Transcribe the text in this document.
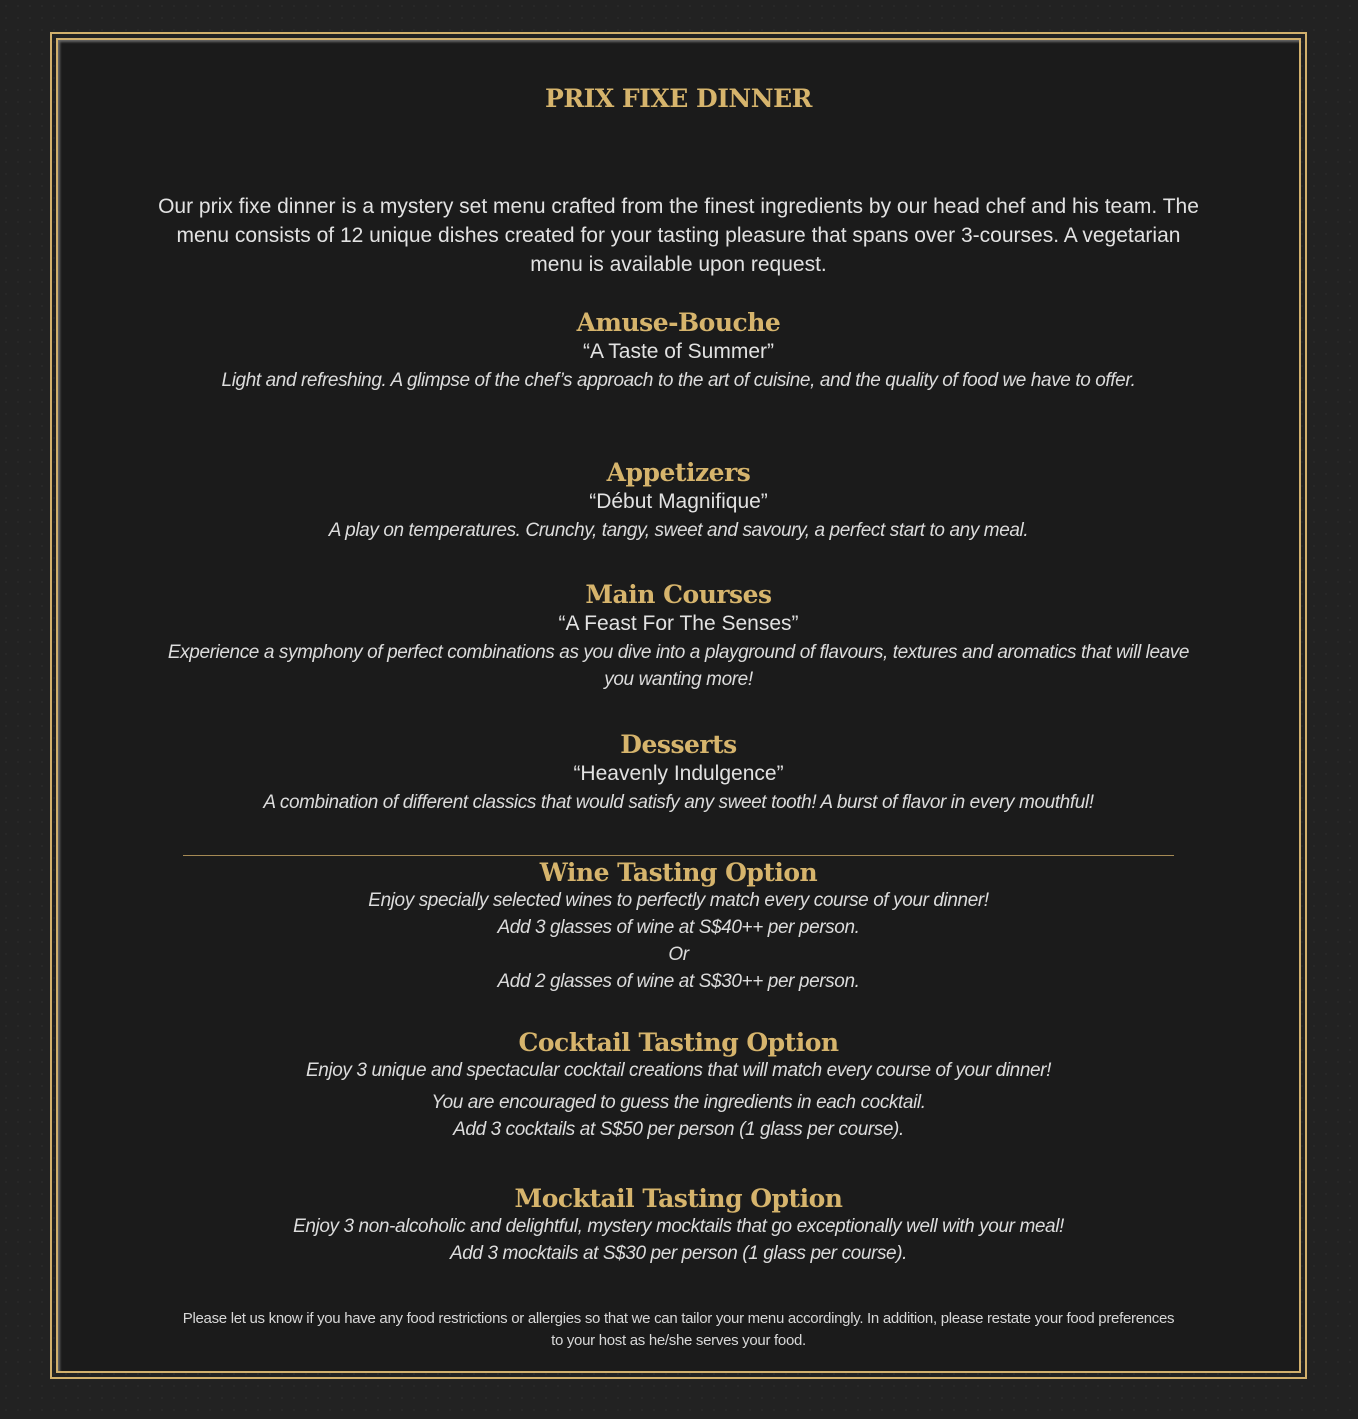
PRIX FIXE DINNER
Our prix fixe dinner is a mystery set menu crafted from the finest ingredients by our head chef and his team. The menu consists of 12 unique dishes created for your tasting pleasure that spans over 3-courses. A vegetarian menu is available upon request.
Amuse-Bouche
“A Taste of Summer”
Light and refreshing. A glimpse of the chef’s approach to the art of cuisine, and the quality of food we have to offer.
Appetizers
“Début Magnifique”
A play on temperatures. Crunchy, tangy, sweet and savoury, a perfect start to any meal.
Main Courses
“A Feast For The Senses”
Experience a symphony of perfect combinations as you dive into a playground of flavours, textures and aromatics that will leave you wanting more!
Desserts
“Heavenly Indulgence”
A combination of different classics that would satisfy any sweet tooth! A burst of flavor in every mouthful!
Wine Tasting Option
Enjoy specially selected wines to perfectly match every course of your dinner!
Add 3 glasses of wine at S$40++ per person.
Or
Add 2 glasses of wine at S$30++ per person.
Cocktail Tasting Option
Enjoy 3 unique and spectacular cocktail creations that will match every course of your dinner!
You are encouraged to guess the ingredients in each cocktail.
Add 3 cocktails at S$50 per person (1 glass per course).
Mocktail Tasting Option
Enjoy 3 non-alcoholic and delightful, mystery mocktails that go exceptionally well with your meal!
Add 3 mocktails at S$30 per person (1 glass per course).
Please let us know if you have any food restrictions or allergies so that we can tailor your menu accordingly. In addition, please restate your food preferences to your host as he/she serves your food.
